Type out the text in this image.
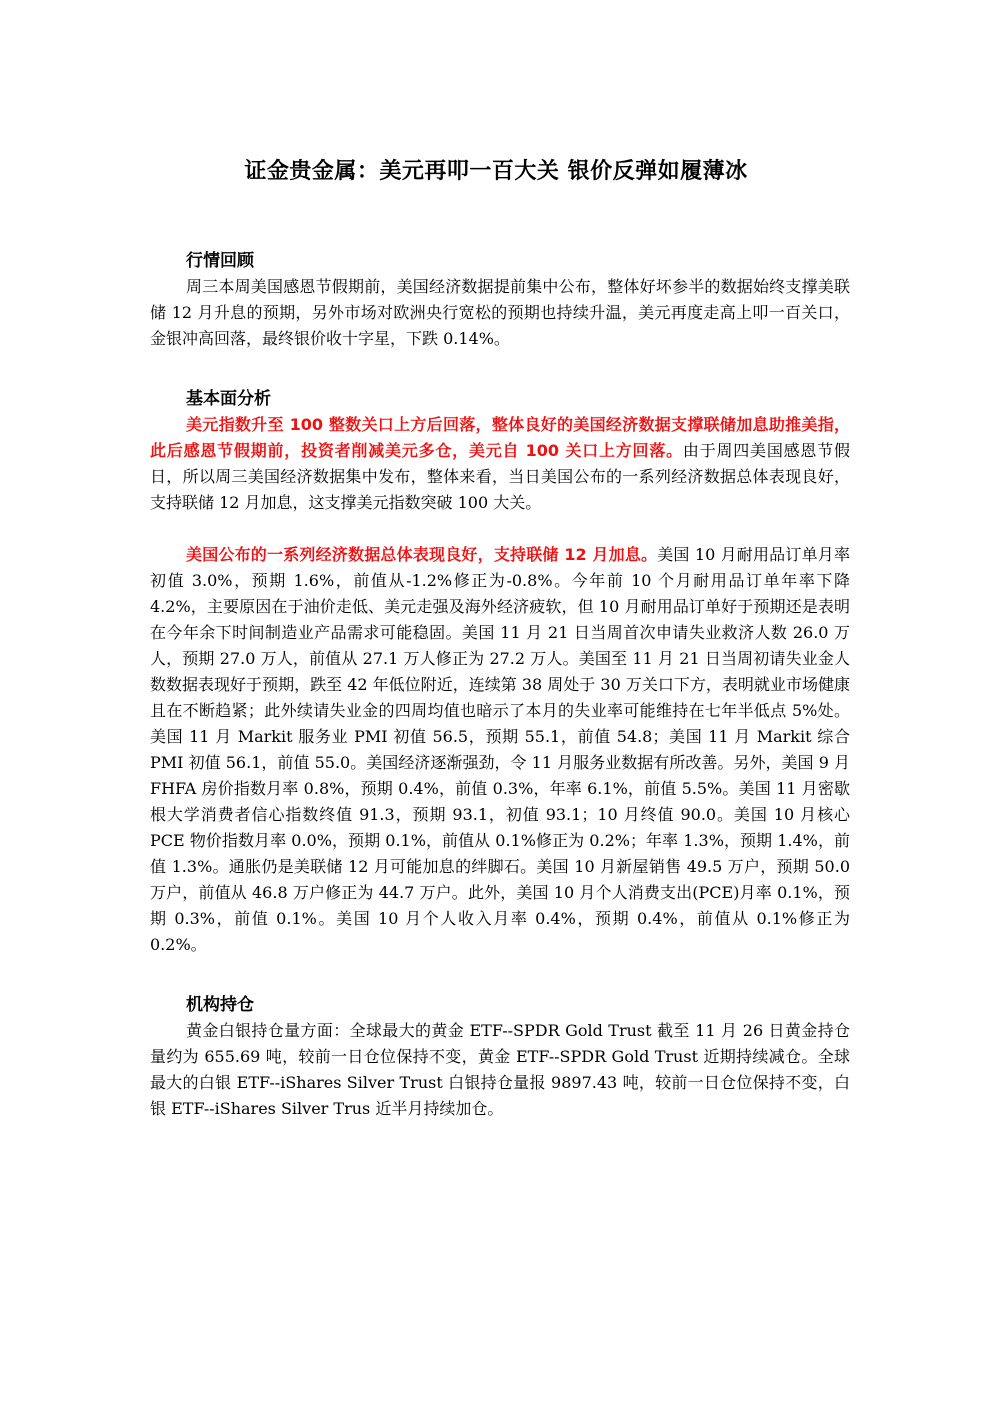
证金贵金属：美元再叩一百大关 银价反弹如履薄冰
行情回顾

周三本周美国感恩节假期前，美国经济数据提前集中公布，整体好坏参半的数据始终支撑美联储 12 月升息的预期，另外市场对欧洲央行宽松的预期也持续升温，美元再度走高上叩一百关口，金银冲高回落，最终银价收十字星，下跌 0.14%。

基本面分析

美元指数升至 100 整数关口上方后回落，整体良好的美国经济数据支撑联储加息助推美指，此后感恩节假期前，投资者削减美元多仓，美元自 100 关口上方回落。由于周四美国感恩节假日，所以周三美国经济数据集中发布，整体来看，当日美国公布的一系列经济数据总体表现良好，支持联储 12 月加息，这支撑美元指数突破 100 大关。

美国公布的一系列经济数据总体表现良好，支持联储 12 月加息。美国 10 月耐用品订单月率初值 3.0%，预期 1.6%，前值从-1.2%修正为-0.8%。今年前 10 个月耐用品订单年率下降 4.2%，主要原因在于油价走低、美元走强及海外经济疲软，但 10 月耐用品订单好于预期还是表明在今年余下时间制造业产品需求可能稳固。美国 11 月 21 日当周首次申请失业救济人数 26.0 万人，预期 27.0 万人，前值从 27.1 万人修正为 27.2 万人。美国至 11 月 21 日当周初请失业金人数数据表现好于预期，跌至 42 年低位附近，连续第 38 周处于 30 万关口下方，表明就业市场健康且在不断趋紧；此外续请失业金的四周均值也暗示了本月的失业率可能维持在七年半低点 5%处。美国 11 月 Markit 服务业 PMI 初值 56.5，预期 55.1，前值 54.8；美国 11 月 Markit 综合 PMI 初值 56.1，前值 55.0。美国经济逐渐强劲，令 11 月服务业数据有所改善。另外，美国 9 月 FHFA 房价指数月率 0.8%，预期 0.4%，前值 0.3%，年率 6.1%，前值 5.5%。美国 11 月密歇根大学消费者信心指数终值 91.3，预期 93.1，初值 93.1；10 月终值 90.0。美国 10 月核心 PCE 物价指数月率 0.0%，预期 0.1%，前值从 0.1%修正为 0.2%；年率 1.3%，预期 1.4%，前值 1.3%。通胀仍是美联储 12 月可能加息的绊脚石。美国 10 月新屋销售 49.5 万户，预期 50.0 万户，前值从 46.8 万户修正为 44.7 万户。此外，美国 10 月个人消费支出(PCE)月率 0.1%，预期 0.3%，前值 0.1%。美国 10 月个人收入月率 0.4%，预期 0.4%，前值从 0.1%修正为 0.2%。

机构持仓

黄金白银持仓量方面：全球最大的黄金 ETF--SPDR Gold Trust 截至 11 月 26 日黄金持仓量约为 655.69 吨，较前一日仓位保持不变，黄金 ETF--SPDR Gold Trust 近期持续减仓。全球最大的白银 ETF--iShares Silver Trust 白银持仓量报 9897.43 吨，较前一日仓位保持不变，白银 ETF--iShares Silver Trus 近半月持续加仓。
